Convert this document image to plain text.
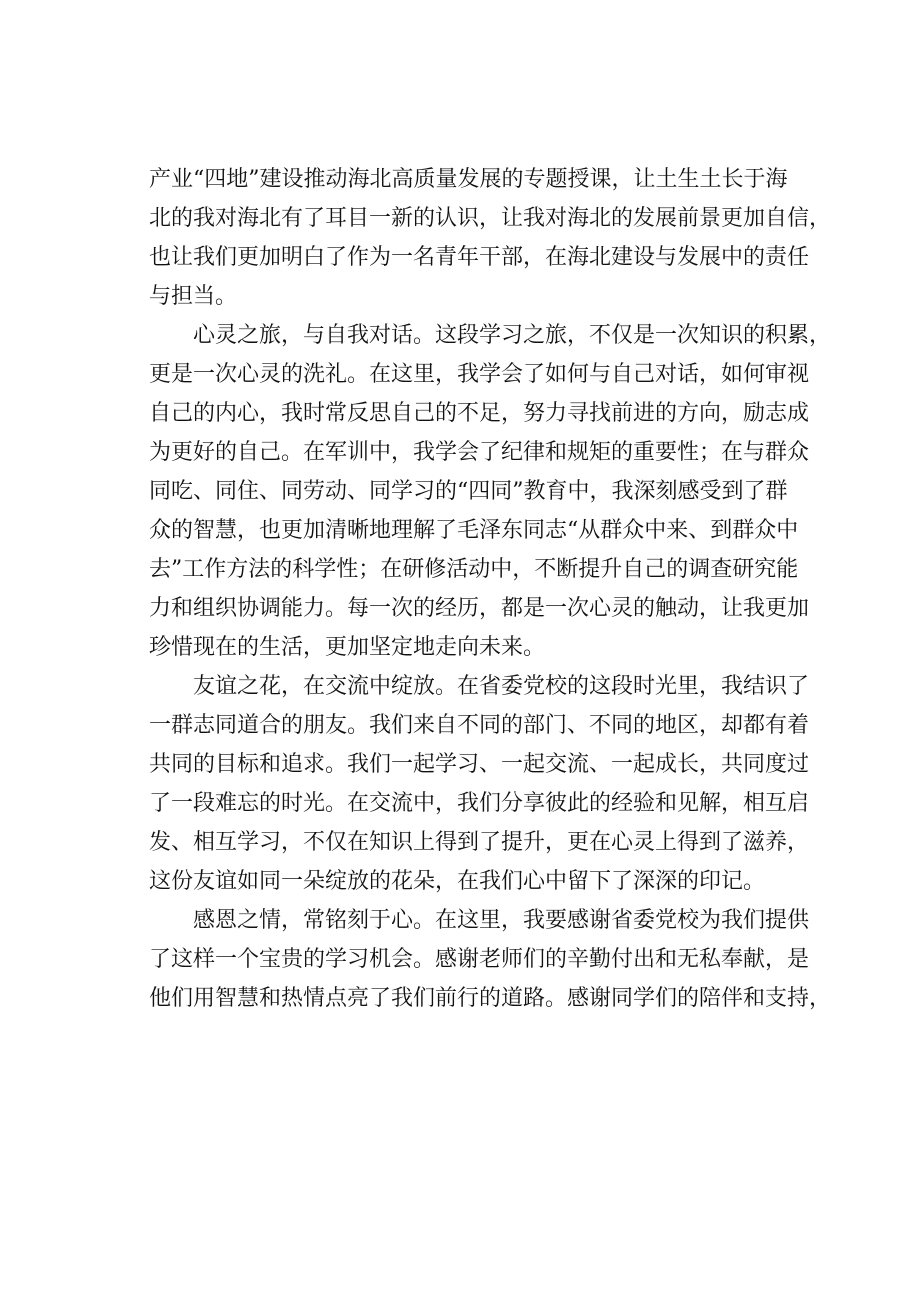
产业“四地”建设推动海北高质量发展的专题授课，让土生土长于海
北的我对海北有了耳目一新的认识，让我对海北的发展前景更加自信，
也让我们更加明白了作为一名青年干部，在海北建设与发展中的责任
与担当。
心灵之旅，与自我对话。这段学习之旅，不仅是一次知识的积累，
更是一次心灵的洗礼。在这里，我学会了如何与自己对话，如何审视
自己的内心，我时常反思自己的不足，努力寻找前进的方向，励志成
为更好的自己。在军训中，我学会了纪律和规矩的重要性；在与群众
同吃、同住、同劳动、同学习的“四同”教育中，我深刻感受到了群
众的智慧，也更加清晰地理解了毛泽东同志“从群众中来、到群众中
去”工作方法的科学性；在研修活动中，不断提升自己的调查研究能
力和组织协调能力。每一次的经历，都是一次心灵的触动，让我更加
珍惜现在的生活，更加坚定地走向未来。
友谊之花，在交流中绽放。在省委党校的这段时光里，我结识了
一群志同道合的朋友。我们来自不同的部门、不同的地区，却都有着
共同的目标和追求。我们一起学习、一起交流、一起成长，共同度过
了一段难忘的时光。在交流中，我们分享彼此的经验和见解，相互启
发、相互学习，不仅在知识上得到了提升，更在心灵上得到了滋养，
这份友谊如同一朵绽放的花朵，在我们心中留下了深深的印记。
感恩之情，常铭刻于心。在这里，我要感谢省委党校为我们提供
了这样一个宝贵的学习机会。感谢老师们的辛勤付出和无私奉献，是
他们用智慧和热情点亮了我们前行的道路。感谢同学们的陪伴和支持，
